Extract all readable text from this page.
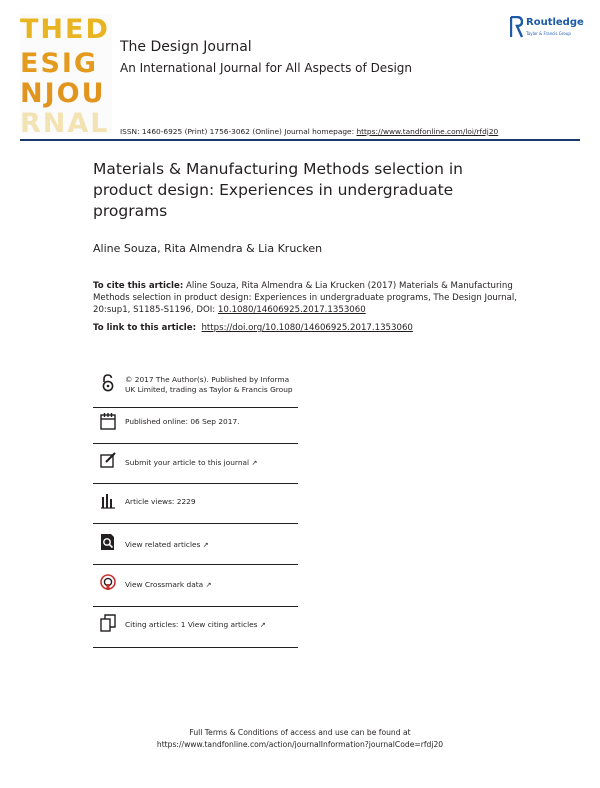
THED
ESIG
NJOU
RNAL
The Design Journal
An International Journal for All Aspects of Design
Routledge
Taylor & Francis Group
ISSN: 1460-6925 (Print) 1756-3062 (Online) Journal homepage: https://www.tandfonline.com/loi/rfdj20
Materials & Manufacturing Methods selection in product design: Experiences in undergraduate programs
Aline Souza, Rita Almendra & Lia Krucken
To cite this article: Aline Souza, Rita Almendra & Lia Krucken (2017) Materials & Manufacturing Methods selection in product design: Experiences in undergraduate programs, The Design Journal, 20:sup1, S1185-S1196, DOI: 10.1080/14606925.2017.1353060
To link to this article: https://doi.org/10.1080/14606925.2017.1353060
© 2017 The Author(s). Published by Informa UK Limited, trading as Taylor & Francis Group
Published online: 06 Sep 2017.
Submit your article to this journal ↗
Article views: 2229
View related articles ↗
View Crossmark data ↗
Citing articles: 1 View citing articles ↗
Full Terms & Conditions of access and use can be found at
https://www.tandfonline.com/action/journalInformation?journalCode=rfdj20
